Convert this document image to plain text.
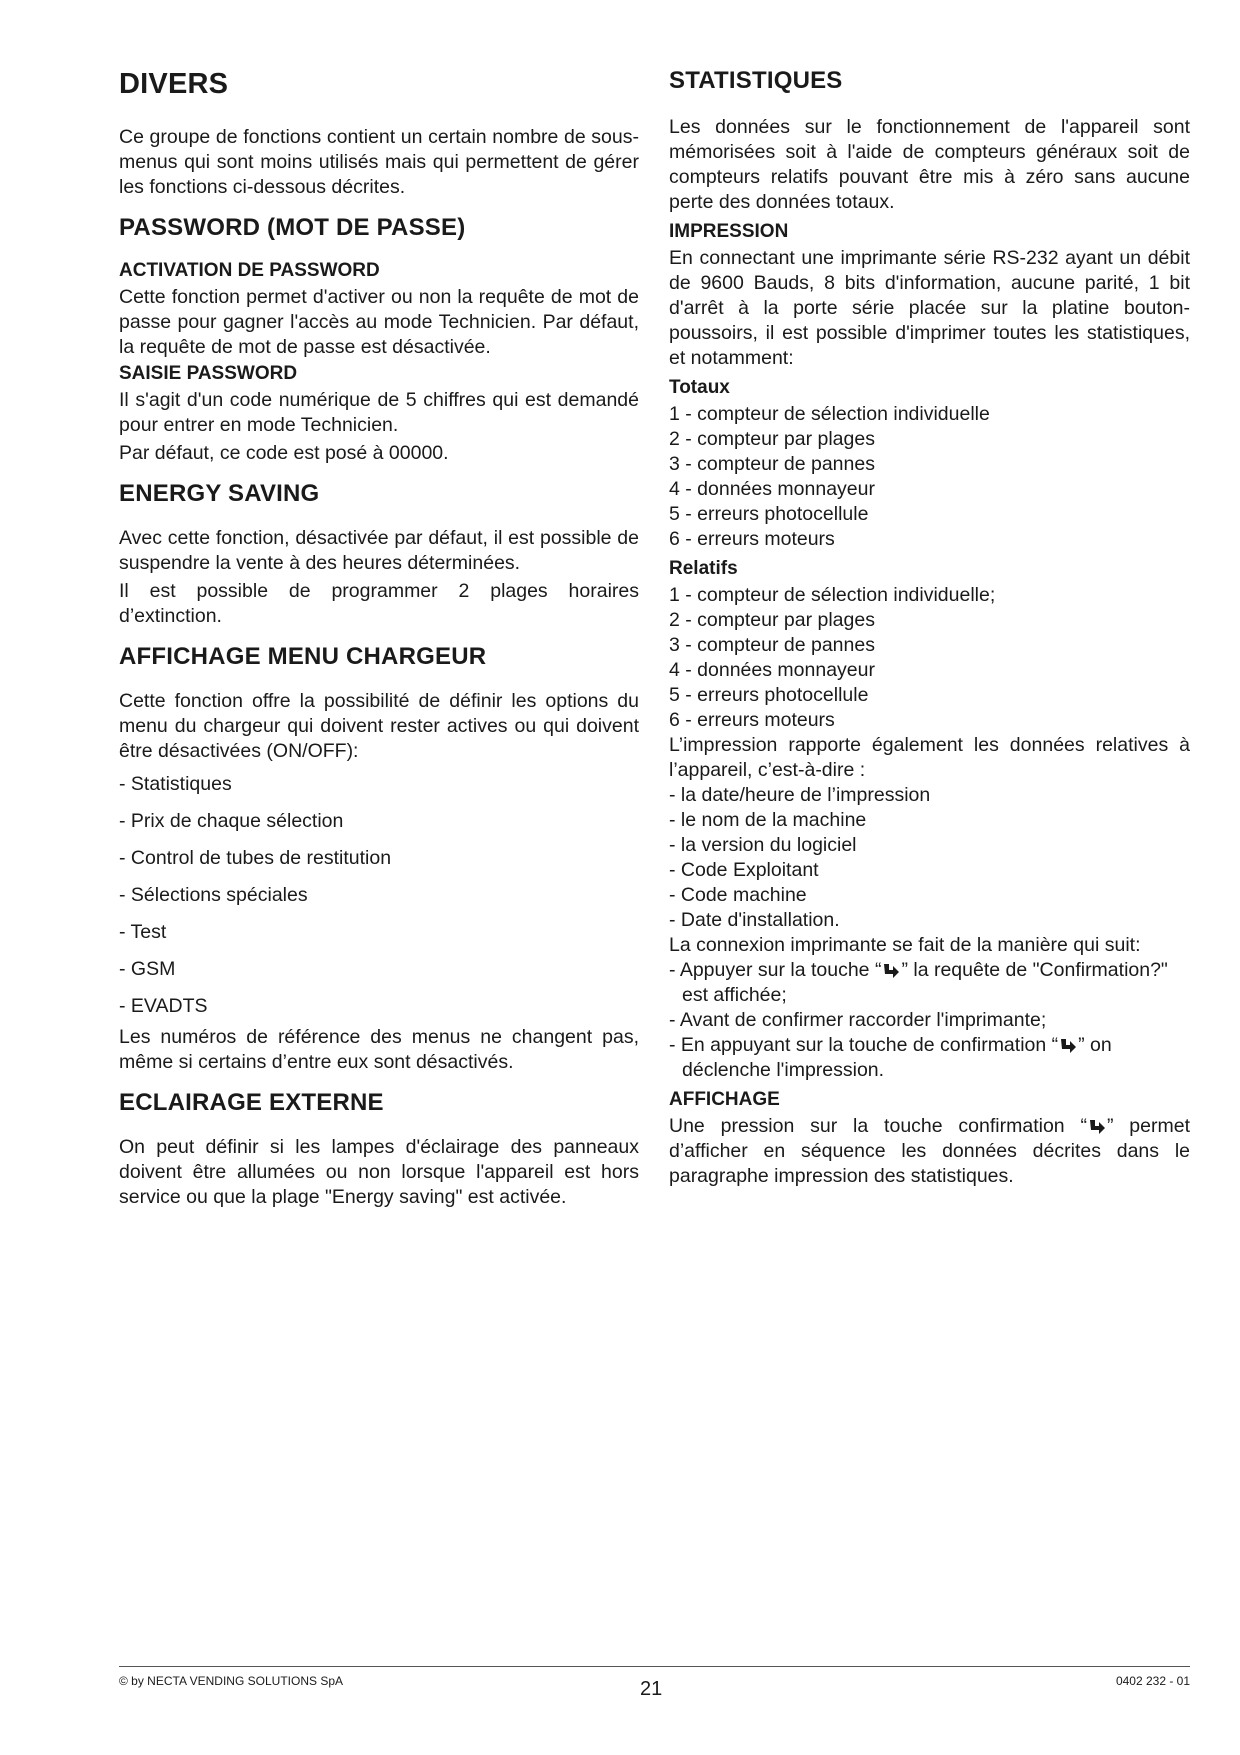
DIVERS

Ce groupe de fonctions contient un certain nombre de sous-menus qui sont moins utilisés mais qui permettent de gérer les fonctions ci-dessous décrites.

PASSWORD (MOT DE PASSE)
ACTIVATION DE PASSWORD

Cette fonction permet d'activer ou non la requête de mot de passe pour gagner l'accès au mode Technicien. Par défaut, la requête de mot de passe est désactivée.

SAISIE PASSWORD

Il s'agit d'un code numérique de 5 chiffres qui est demandé pour entrer en mode Technicien.

Par défaut, ce code est posé à 00000.

ENERGY SAVING

Avec cette fonction, désactivée par défaut, il est possible de suspendre la vente à des heures déterminées.

Il est possible de programmer 2 plages horaires d’extinction.

AFFICHAGE MENU CHARGEUR

Cette fonction offre la possibilité de définir les options du menu du chargeur qui doivent rester actives ou qui doivent être désactivées (ON/OFF):

- Statistiques
- Prix de chaque sélection
- Control de tubes de restitution
- Sélections spéciales
- Test
- GSM
- EVADTS

Les numéros de référence des menus ne changent pas, même si certains d’entre eux sont désactivés.

ECLAIRAGE EXTERNE

On peut définir si les lampes d'éclairage des panneaux doivent être allumées ou non lorsque l'appareil est hors service ou que la plage "Energy saving" est activée.

STATISTIQUES

Les données sur le fonctionnement de l'appareil sont mémorisées soit à l'aide de compteurs généraux soit de compteurs relatifs pouvant être mis à zéro sans aucune perte des données totaux.

IMPRESSION

En connectant une imprimante série RS-232 ayant un débit de 9600 Bauds, 8 bits d'information, aucune parité, 1 bit d'arrêt à la porte série placée sur la platine bouton-poussoirs, il est possible d'imprimer toutes les statistiques, et notamment:

Totaux
1 - compteur de sélection individuelle
2 - compteur par plages
3 - compteur de pannes
4 - données monnayeur
5 - erreurs photocellule
6 - erreurs moteurs
Relatifs
1 - compteur de sélection individuelle;
2 - compteur par plages
3 - compteur de pannes
4 - données monnayeur
5 - erreurs photocellule
6 - erreurs moteurs

L’impression rapporte également les données relatives à l’appareil, c’est-à-dire :

- la date/heure de l’impression
- le nom de la machine
- la version du logiciel
- Code Exploitant
- Code machine
- Date d'installation.

La connexion imprimante se fait de la manière qui suit:

- Appuyer sur la touche “ ” la requête de "Confirmation?" est affichée;
- Avant de confirmer raccorder l'imprimante;
- En appuyant sur la touche de confirmation “ ” on déclenche l'impression.
AFFICHAGE

Une pression sur la touche confirmation “ ” permet d’afficher en séquence les données décrites dans le paragraphe impression des statistiques.

© by NECTA VENDING SOLUTIONS SpA	21	0402 232 - 01
